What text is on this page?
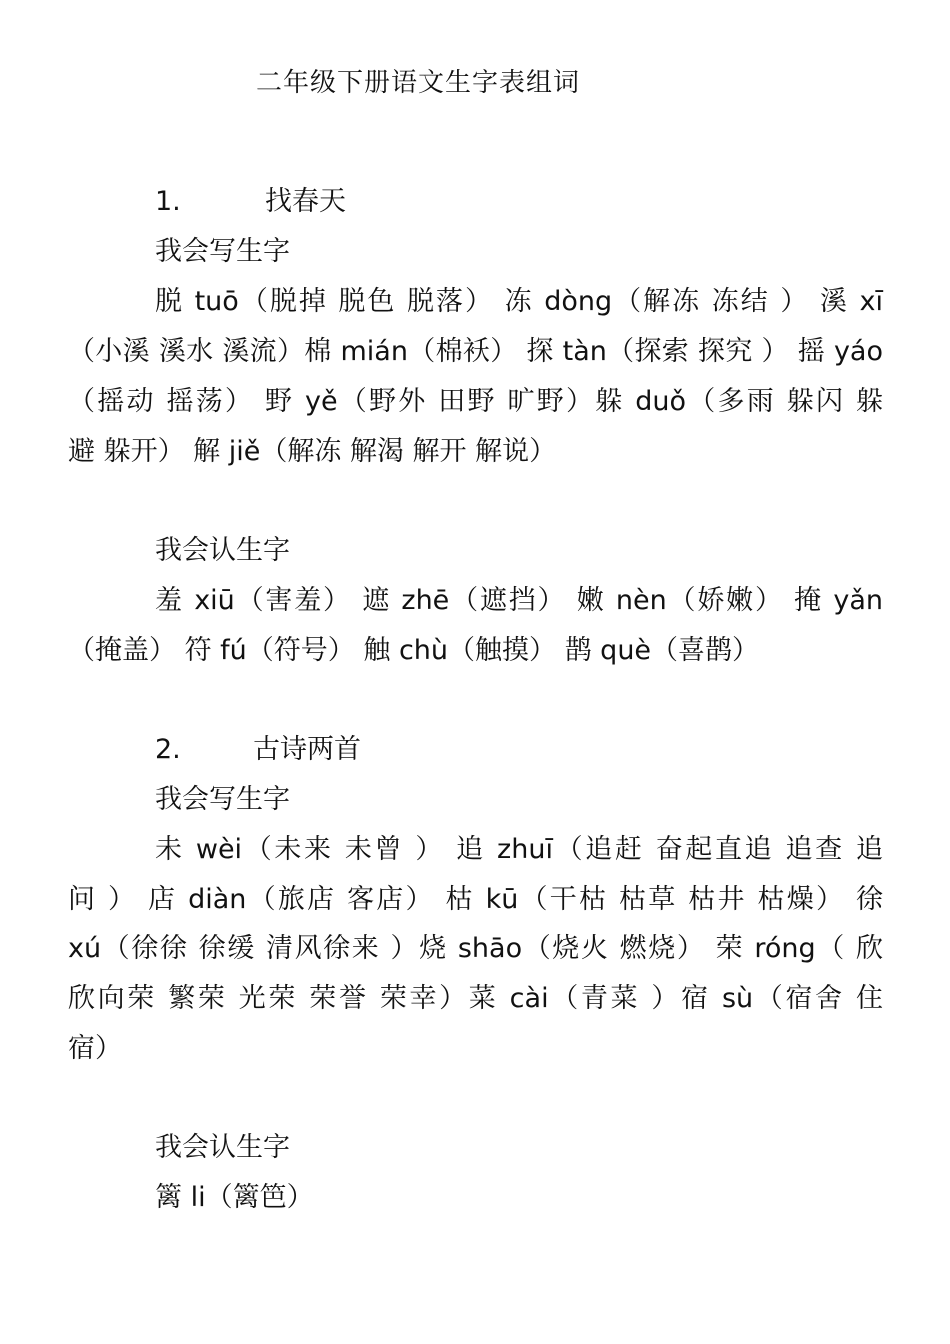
二年级下册语文生字表组词
1.	找春天
我会写生字
脱 tuō（脱掉 脱色 脱落） 冻 dòng（解冻 冻结 ） 溪 xī
（小溪 溪水 溪流）棉 mián（棉袄） 探 tàn（探索 探究 ） 摇 yáo
（摇动 摇荡） 野 yě（野外 田野 旷野）躲 duǒ（多雨 躲闪 躲
避 躲开） 解 jiě（解冻 解渴 解开 解说）
我会认生字
羞 xiū（害羞） 遮 zhē（遮挡） 嫩 nèn（娇嫩） 掩 yǎn
（掩盖） 符 fú（符号） 触 chù（触摸） 鹊 què（喜鹊）
2.	古诗两首
我会写生字
未 wèi（未来 未曾 ） 追 zhuī（追赶 奋起直追 追查 追
问 ） 店 diàn（旅店 客店） 枯 kū（干枯 枯草 枯井 枯燥） 徐
xú（徐徐 徐缓 清风徐来 ）烧 shāo（烧火 燃烧） 荣 róng（ 欣
欣向荣 繁荣 光荣 荣誉 荣幸）菜 cài（青菜 ）宿 sù（宿舍 住
宿）
我会认生字
篱 li（篱笆）
